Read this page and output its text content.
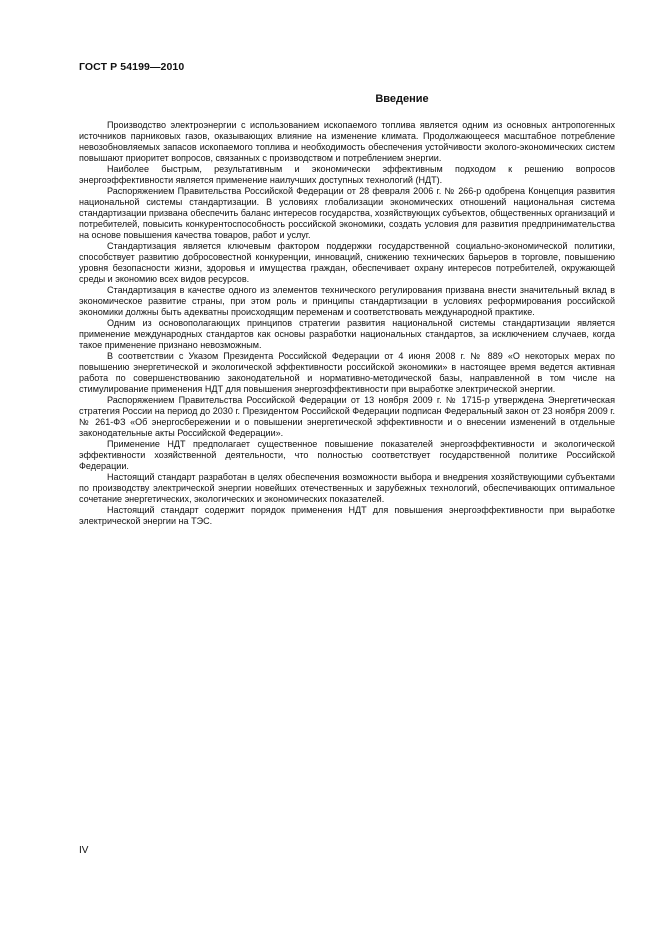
ГОСТ Р 54199—2010
Введение

Производство электроэнергии с использованием ископаемого топлива является одним из основных антропогенных источников парниковых газов, оказывающих влияние на изменение климата. Продолжающееся масштабное потребление невозобновляемых запасов ископаемого топлива и необходимость обеспечения устойчивости эколого-экономических систем повышают приоритет вопросов, связанных с производством и потреблением энергии.

Наиболее быстрым, результативным и экономически эффективным подходом к решению вопросов энергоэффективности является применение наилучших доступных технологий (НДТ).

Распоряжением Правительства Российской Федерации от 28 февраля 2006 г. № 266-р одобрена Концепция развития национальной системы стандартизации. В условиях глобализации экономических отношений национальная система стандартизации призвана обеспечить баланс интересов государства, хозяйствующих субъектов, общественных организаций и потребителей, повысить конкурентоспособность российской экономики, создать условия для развития предпринимательства на основе повышения качества товаров, работ и услуг.

Стандартизация является ключевым фактором поддержки государственной социально-экономической политики, способствует развитию добросовестной конкуренции, инноваций, снижению технических барьеров в торговле, повышению уровня безопасности жизни, здоровья и имущества граждан, обеспечивает охрану интересов потребителей, окружающей среды и экономию всех видов ресурсов.

Стандартизация в качестве одного из элементов технического регулирования призвана внести значительный вклад в экономическое развитие страны, при этом роль и принципы стандартизации в условиях реформирования российской экономики должны быть адекватны происходящим переменам и соответствовать международной практике.

Одним из основополагающих принципов стратегии развития национальной системы стандартизации является применение международных стандартов как основы разработки национальных стандартов, за исключением случаев, когда такое применение признано невозможным.

В соответствии с Указом Президента Российской Федерации от 4 июня 2008 г. № 889 «О некоторых мерах по повышению энергетической и экологической эффективности российской экономики» в настоящее время ведется активная работа по совершенствованию законодательной и нормативно-методической базы, направленной в том числе на стимулирование применения НДТ для повышения энергоэффективности при выработке электрической энергии.

Распоряжением Правительства Российской Федерации от 13 ноября 2009 г. № 1715-р утверждена Энергетическая стратегия России на период до 2030 г. Президентом Российской Федерации подписан Федеральный закон от 23 ноября 2009 г. № 261-ФЗ «Об энергосбережении и о повышении энергетической эффективности и о внесении изменений в отдельные законодательные акты Российской Федерации».

Применение НДТ предполагает существенное повышение показателей энергоэффективности и экологической эффективности хозяйственной деятельности, что полностью соответствует государственной политике Российской Федерации.

Настоящий стандарт разработан в целях обеспечения возможности выбора и внедрения хозяйствующими субъектами по производству электрической энергии новейших отечественных и зарубежных технологий, обеспечивающих оптимальное сочетание энергетических, экологических и экономических показателей.

Настоящий стандарт содержит порядок применения НДТ для повышения энергоэффективности при выработке электрической энергии на ТЭС.

IV
